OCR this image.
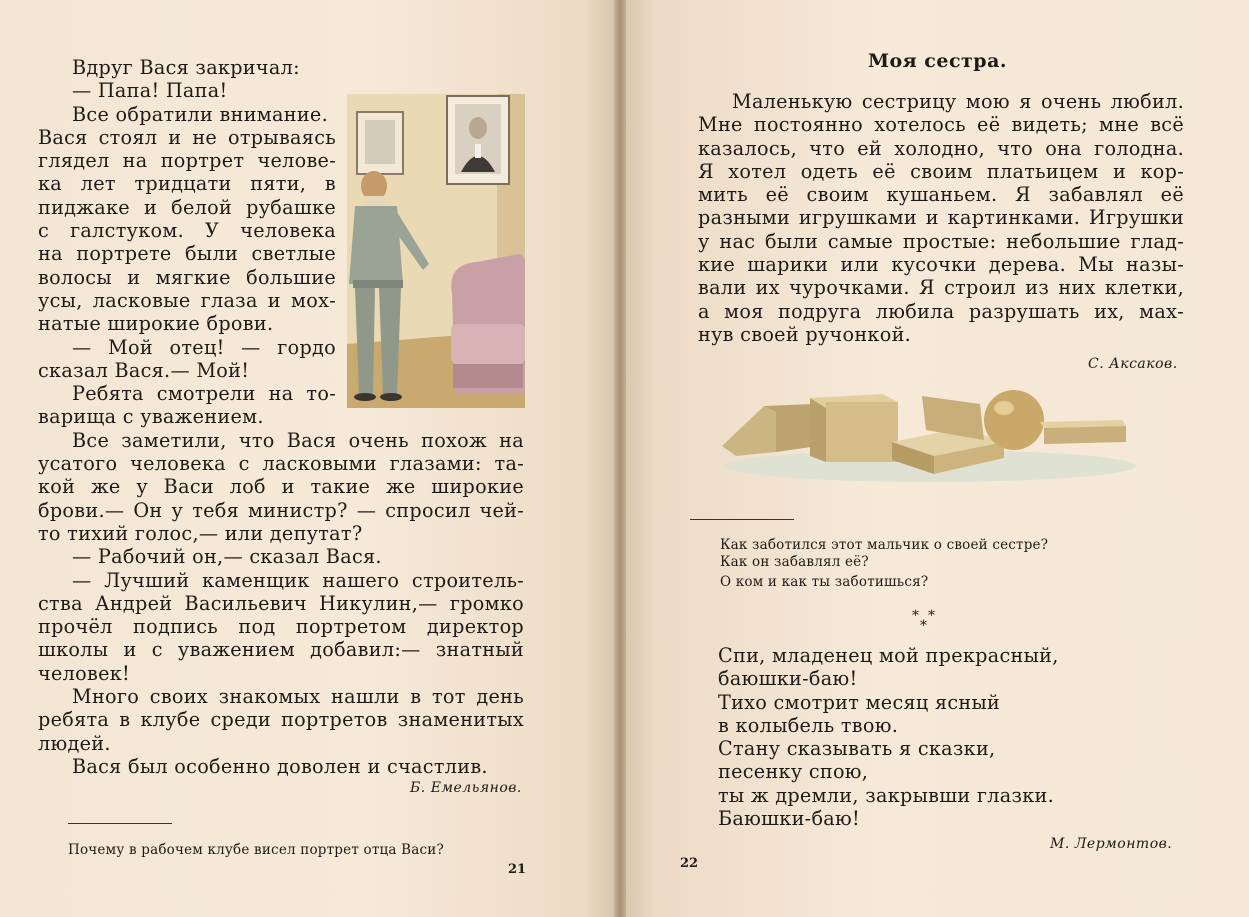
Вдруг Вася закричал:
— Папа! Папа!
Все обратили внимание.
Вася стоял и не отрываясь
глядел на портрет челове-
ка лет тридцати пяти, в
пиджаке и белой рубашке
с галстуком. У человека
на портрете были светлые
волосы и мягкие большие
усы, ласковые глаза и мох-
натые широкие брови.
— Мой отец! — гордо
сказал Вася.— Мой!
Ребята смотрели на то-
варища с уважением.
Все заметили, что Вася очень похож на
усатого человека с ласковыми глазами: та-
кой же у Васи лоб и такие же широкие
брови.— Он у тебя министр? — спросил чей-
то тихий голос,— или депутат?
— Рабочий он,— сказал Вася.
— Лучший каменщик нашего строитель-
ства Андрей Васильевич Никулин,— громко
прочёл подпись под портретом директор
школы и с уважением добавил:— знатный
человек!
Много своих знакомых нашли в тот день
ребята в клубе среди портретов знаменитых
людей.
Вася был особенно доволен и счастлив.
Б. Емельянов.
Почему в рабочем клубе висел портрет отца Васи?
21
Моя сестра.
Маленькую сестрицу мою я очень любил.
Мне постоянно хотелось её видеть; мне всё
казалось, что ей холодно, что она голодна.
Я хотел одеть её своим платьицем и кор-
мить её своим кушаньем. Я забавлял её
разными игрушками и картинками. Игрушки
у нас были самые простые: небольшие глад-
кие шарики или кусочки дерева. Мы назы-
вали их чурочками. Я строил из них клетки,
а моя подруга любила разрушать их, мах-
нув своей ручонкой.
С. Аксаков.
Как заботился этот мальчик о своей сестре?
Как он забавлял её?
О ком и как ты заботишься?
* *
*
Спи, младенец мой прекрасный,
баюшки-баю!
Тихо смотрит месяц ясный
в колыбель твою.
Стану сказывать я сказки,
песенку спою,
ты ж дремли, закрывши глазки.
Баюшки-баю!
М. Лермонтов.
22
